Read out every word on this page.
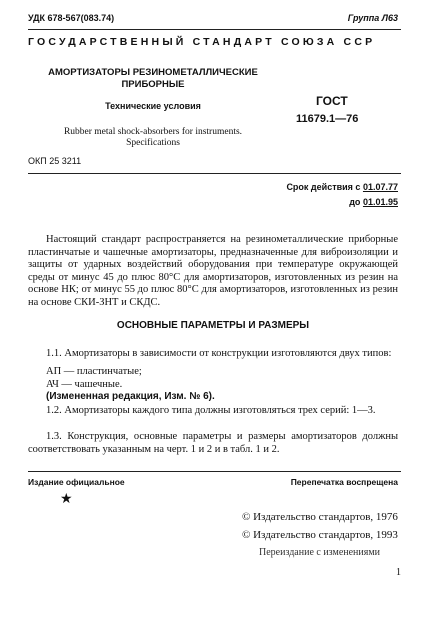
УДК 678-567(083.74)	Группа Л63
ГОСУДАРСТВЕННЫЙ СТАНДАРТ СОЮЗА ССР
АМОРТИЗАТОРЫ РЕЗИНОМЕТАЛЛИЧЕСКИЕ ПРИБОРНЫЕ
Технические условия
Rubber metal shock-absorbers for instruments. Specifications
ГОСТ
11679.1—76
ОКП 25 3211
Срок действия с 01.07.77
до 01.01.95
Настоящий стандарт распространяется на резинометаллические приборные пластинчатые и чашечные амортизаторы, предназначенные для виброизоляции и защиты от ударных воздействий оборудования при температуре окружающей среды от минус 45 до плюс 80°С для амортизаторов, изготовленных из резин на основе НК; от минус 55 до плюс 80°С для амортизаторов, изготовленных из резин на основе СКИ-ЗНТ и СКДС.
ОСНОВНЫЕ ПАРАМЕТРЫ И РАЗМЕРЫ
1.1. Амортизаторы в зависимости от конструкции изготовляются двух типов:
АП — пластинчатые;
АЧ — чашечные.
(Измененная редакция, Изм. № 6).
1.2. Амортизаторы каждого типа должны изготовляться трех серий: 1—3.
1.3. Конструкция, основные параметры и размеры амортизаторов должны соответствовать указанным на черт. 1 и 2 и в табл. 1 и 2.
Издание официальное	Перепечатка воспрещена
★
© Издательство стандартов, 1976
© Издательство стандартов, 1993
Переиздание с изменениями
1
